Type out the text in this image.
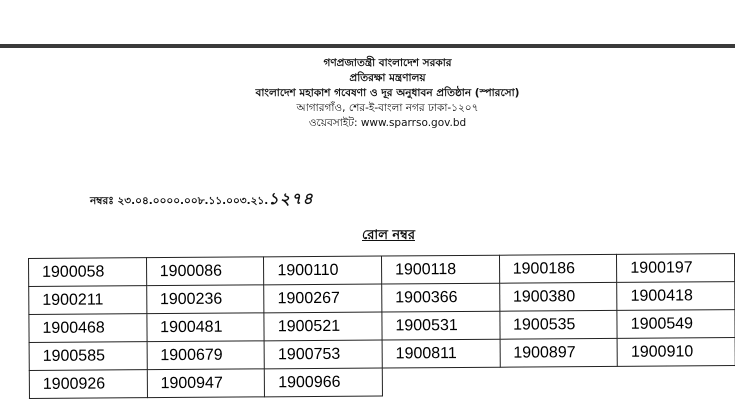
গণপ্রজাতন্ত্রী বাংলাদেশ সরকার
প্রতিরক্ষা মন্ত্রণালয়
বাংলাদেশ মহাকাশ গবেষণা ও দূর অনুধাবন প্রতিষ্ঠান (স্পারসো)
আগারগাঁও, শের-ই-বাংলা নগর ঢাকা-১২০৭
ওয়েবসাইট: www.sparrso.gov.bd
নম্বরঃ ২৩.০৪.০০০০.০০৮.১১.০০৩.২১.১২৭৪
রোল নম্বর
1900058	1900086	1900110	1900118	1900186	1900197
1900211	1900236	1900267	1900366	1900380	1900418
1900468	1900481	1900521	1900531	1900535	1900549
1900585	1900679	1900753	1900811	1900897	1900910
1900926	1900947	1900966			
